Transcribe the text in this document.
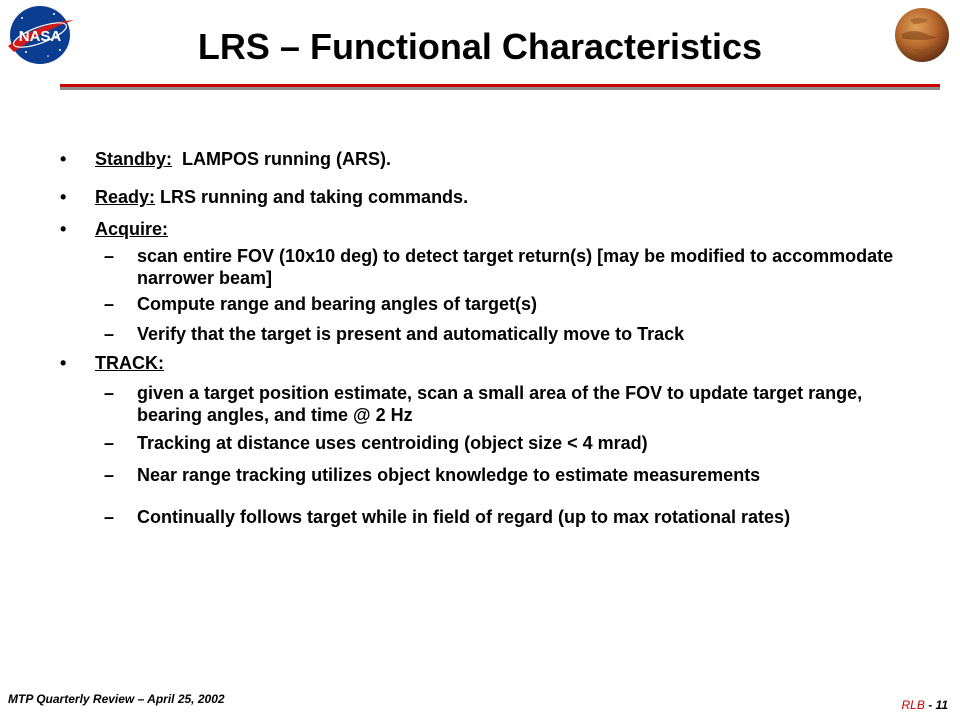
NASA	LRS – Functional Characteristics
• Standby: LAMPOS running (ARS).
• Ready: LRS running and taking commands.
• Acquire:
– scan entire FOV (10x10 deg) to detect target return(s) [may be modified to accommodate narrower beam]
– Compute range and bearing angles of target(s)
– Verify that the target is present and automatically move to Track
• TRACK:
– given a target position estimate, scan a small area of the FOV to update target range, bearing angles, and time @ 2 Hz
– Tracking at distance uses centroiding (object size < 4 mrad)
– Near range tracking utilizes object knowledge to estimate measurements
– Continually follows target while in field of regard (up to max rotational rates)
MTP Quarterly Review – April 25, 2002	RLB - 11
